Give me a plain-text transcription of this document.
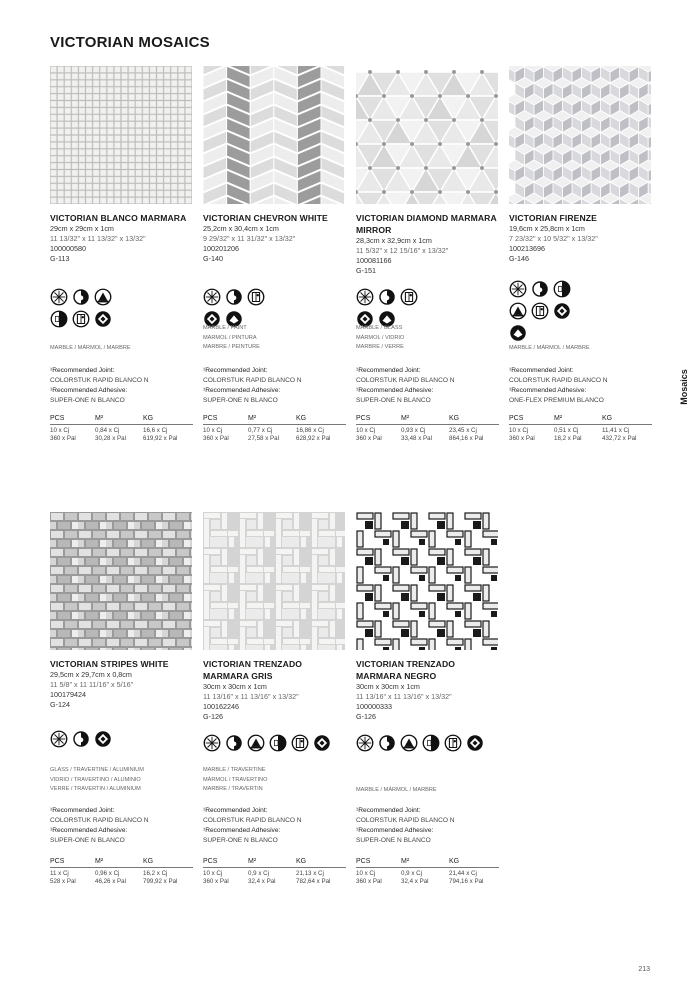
VICTORIAN MOSAICS
Mosaics
213
VICTORIAN BLANCO MARMARA
29cm x 29cm x 1cm
11 13/32" x 11 13/32" x 13/32"
100000580
G-113
MARBLE / MÁRMOL / MARBRE
¹Recommended Joint:
COLORSTUK RAPID BLANCO N
¹Recommended Adhesive:
SUPER-ONE N BLANCO
PCS	M²	KG
10 x Cj	0,84 x Cj	16,6 x Cj
360 x Pal	30,28 x Pal	619,92 x Pal
VICTORIAN CHEVRON WHITE
25,2cm x 30,4cm x 1cm
9 29/32" x 11 31/32" x 13/32"
100201206
G-140
MARBLE / PAINT
MÁRMOL / PINTURA
MARBRE / PEINTURE
¹Recommended Joint:
COLORSTUK RAPID BLANCO N
¹Recommended Adhesive:
SUPER-ONE N BLANCO
PCS	M²	KG
10 x Cj	0,77 x Cj	16,86 x Cj
360 x Pal	27,58 x Pal	628,92 x Pal
VICTORIAN DIAMOND MARMARA MIRROR
28,3cm x 32,9cm x 1cm
11 5/32" x 12 15/16" x 13/32"
100081166
G-151
MARBLE / GLASS
MÁRMOL / VIDRIO
MARBRE / VERRE
¹Recommended Joint:
COLORSTUK RAPID BLANCO N
¹Recommended Adhesive:
SUPER-ONE N BLANCO
PCS	M²	KG
10 x Cj	0,93 x Cj	23,45 x Cj
360 x Pal	33,48 x Pal	864,16 x Pal
VICTORIAN FIRENZE
19,6cm x 25,8cm x 1cm
7 23/32" x 10 5/32" x 13/32"
100213696
G-146
MARBLE / MÁRMOL / MARBRE
¹Recommended Joint:
COLORSTUK RAPID BLANCO N
¹Recommended Adhesive:
ONE-FLEX PREMIUM BLANCO
PCS	M²	KG
10 x Cj	0,51 x Cj	11,41 x Cj
360 x Pal	18,2 x Pal	432,72 x Pal
VICTORIAN STRIPES WHITE
29,5cm x 29,7cm x 0,8cm
11 5/8" x 11 11/16" x 5/16"
100179424
G-124
GLASS / TRAVERTINE / ALUMINIUM
VIDRIO / TRAVERTINO / ALUMINIO
VERRE / TRAVERTIN / ALUMINIUM
¹Recommended Joint:
COLORSTUK RAPID BLANCO N
¹Recommended Adhesive:
SUPER-ONE N BLANCO
PCS	M²	KG
11 x Cj	0,96 x Cj	16,2 x Cj
528 x Pal	46,26 x Pal	799,92 x Pal
VICTORIAN TRENZADO MARMARA GRIS
30cm x 30cm x 1cm
11 13/16" x 11 13/16" x 13/32"
100162246
G-126
MARBLE / TRAVERTINE
MÁRMOL / TRAVERTINO
MARBRE / TRAVERTIN
¹Recommended Joint:
COLORSTUK RAPID BLANCO N
¹Recommended Adhesive:
SUPER-ONE N BLANCO
PCS	M²	KG
10 x Cj	0,9 x Cj	21,13 x Cj
360 x Pal	32,4 x Pal	782,64 x Pal
VICTORIAN TRENZADO MARMARA NEGRO
30cm x 30cm x 1cm
11 13/16" x 11 13/16" x 13/32"
100000333
G-126
MARBLE / MÁRMOL / MARBRE
¹Recommended Joint:
COLORSTUK RAPID BLANCO N
¹Recommended Adhesive:
SUPER-ONE N BLANCO
PCS	M²	KG
10 x Cj	0,9 x Cj	21,44 x Cj
360 x Pal	32,4 x Pal	794,16 x Pal
